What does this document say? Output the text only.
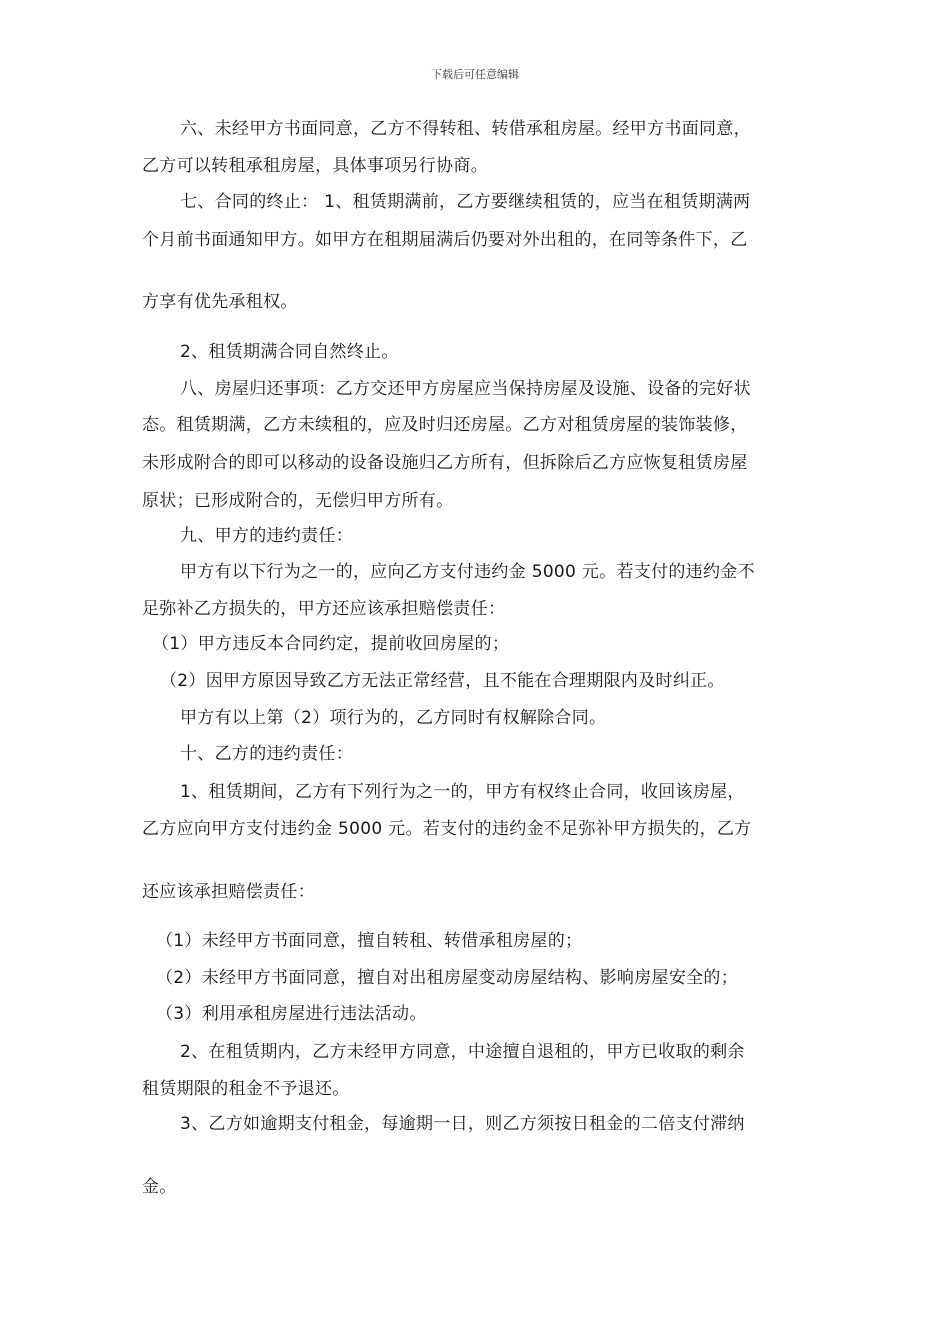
下载后可任意编辑
六、未经甲方书面同意，乙方不得转租、转借承租房屋。经甲方书面同意，
乙方可以转租承租房屋，具体事项另行协商。
七、合同的终止： 1、租赁期满前，乙方要继续租赁的，应当在租赁期满两
个月前书面通知甲方。如甲方在租期届满后仍要对外出租的，在同等条件下，乙
方享有优先承租权。
2、租赁期满合同自然终止。
八、房屋归还事项：乙方交还甲方房屋应当保持房屋及设施、设备的完好状
态。租赁期满，乙方未续租的，应及时归还房屋。乙方对租赁房屋的装饰装修，
未形成附合的即可以移动的设备设施归乙方所有，但拆除后乙方应恢复租赁房屋
原状；已形成附合的，无偿归甲方所有。
九、甲方的违约责任：
甲方有以下行为之一的，应向乙方支付违约金 5000 元。若支付的违约金不
足弥补乙方损失的，甲方还应该承担赔偿责任：
（1）甲方违反本合同约定，提前收回房屋的；
（2）因甲方原因导致乙方无法正常经营，且不能在合理期限内及时纠正。
甲方有以上第（2）项行为的，乙方同时有权解除合同。
十、乙方的违约责任：
1、租赁期间，乙方有下列行为之一的，甲方有权终止合同，收回该房屋，
乙方应向甲方支付违约金 5000 元。若支付的违约金不足弥补甲方损失的，乙方
还应该承担赔偿责任：
（1）未经甲方书面同意，擅自转租、转借承租房屋的；
（2）未经甲方书面同意，擅自对出租房屋变动房屋结构、影响房屋安全的；
（3）利用承租房屋进行违法活动。
2、在租赁期内，乙方未经甲方同意，中途擅自退租的，甲方已收取的剩余
租赁期限的租金不予退还。
3、乙方如逾期支付租金，每逾期一日，则乙方须按日租金的二倍支付滞纳
金。
